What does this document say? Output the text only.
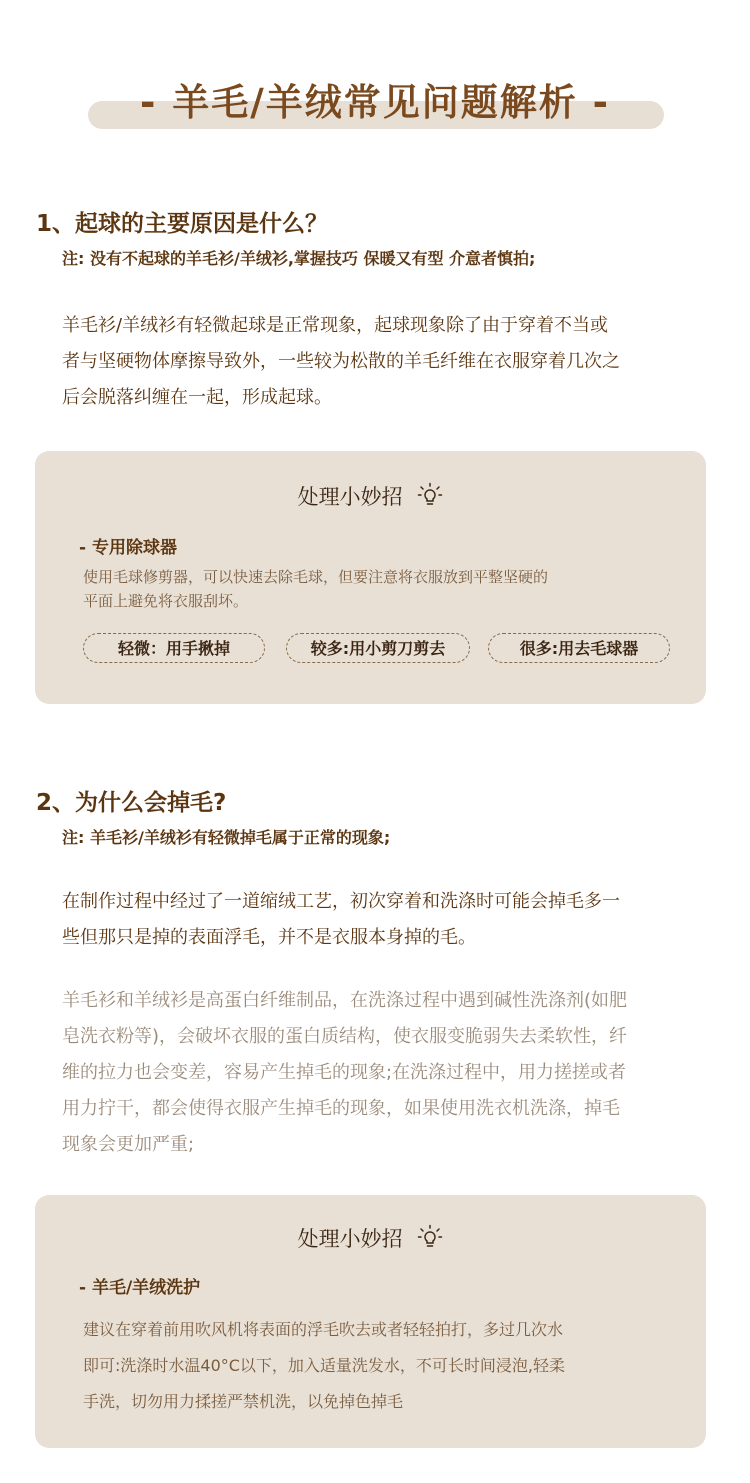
- 羊毛/羊绒常见问题解析 -
1、起球的主要原因是什么？
注: 没有不起球的羊毛衫/羊绒衫,掌握技巧 保暖又有型 介意者慎拍;
羊毛衫/羊绒衫有轻微起球是正常现象，起球现象除了由于穿着不当或
者与坚硬物体摩擦导致外，一些较为松散的羊毛纤维在衣服穿着几次之
后会脱落纠缠在一起，形成起球。
处理小妙招
- 专用除球器
使用毛球修剪器，可以快速去除毛球，但要注意将衣服放到平整坚硬的
平面上避免将衣服刮坏。
轻微：用手揪掉	较多:用小剪刀剪去	很多:用去毛球器
2、为什么会掉毛?
注: 羊毛衫/羊绒衫有轻微掉毛属于正常的现象;
在制作过程中经过了一道缩绒工艺，初次穿着和洗涤时可能会掉毛多一
些但那只是掉的表面浮毛，并不是衣服本身掉的毛。
羊毛衫和羊绒衫是高蛋白纤维制品，在洗涤过程中遇到碱性洗涤剂(如肥
皂洗衣粉等)，会破坏衣服的蛋白质结构，使衣服变脆弱失去柔软性，纤
维的拉力也会变差，容易产生掉毛的现象;在洗涤过程中，用力搓搓或者
用力拧干，都会使得衣服产生掉毛的现象，如果使用洗衣机洗涤，掉毛
现象会更加严重;
处理小妙招
- 羊毛/羊绒洗护
建议在穿着前用吹风机将表面的浮毛吹去或者轻轻拍打，多过几次水
即可:洗涤时水温40°C以下，加入适量洗发水，不可长时间浸泡,轻柔
手洗，切勿用力揉搓严禁机洗，以免掉色掉毛
